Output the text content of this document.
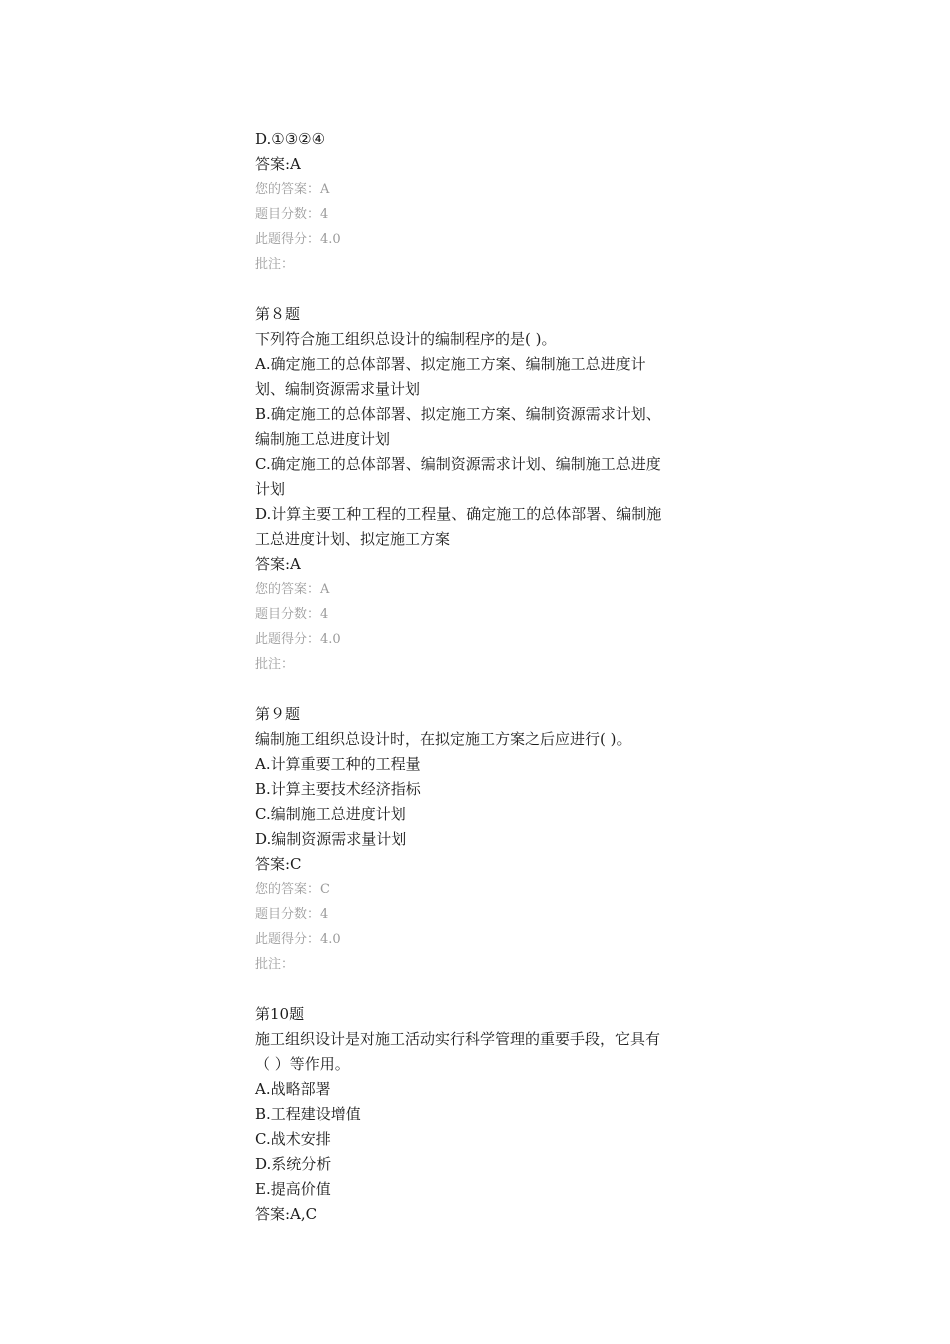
D.①③②④
答案:A
您的答案：A
题目分数：4
此题得分：4.0
批注：
第８题
下列符合施工组织总设计的编制程序的是( )。
A.确定施工的总体部署、拟定施工方案、编制施工总进度计
划、编制资源需求量计划
B.确定施工的总体部署、拟定施工方案、编制资源需求计划、
编制施工总进度计划
C.确定施工的总体部署、编制资源需求计划、编制施工总进度
计划
D.计算主要工种工程的工程量、确定施工的总体部署、编制施
工总进度计划、拟定施工方案
答案:A
您的答案：A
题目分数：4
此题得分：4.0
批注：
第９题
编制施工组织总设计时，在拟定施工方案之后应进行( )。
A.计算重要工种的工程量
B.计算主要技术经济指标
C.编制施工总进度计划
D.编制资源需求量计划
答案:C
您的答案：C
题目分数：4
此题得分：4.0
批注：
第10题
施工组织设计是对施工活动实行科学管理的重要手段，它具有
（ ）等作用。
A.战略部署
B.工程建设增值
C.战术安排
D.系统分析
E.提高价值
答案:A,C
